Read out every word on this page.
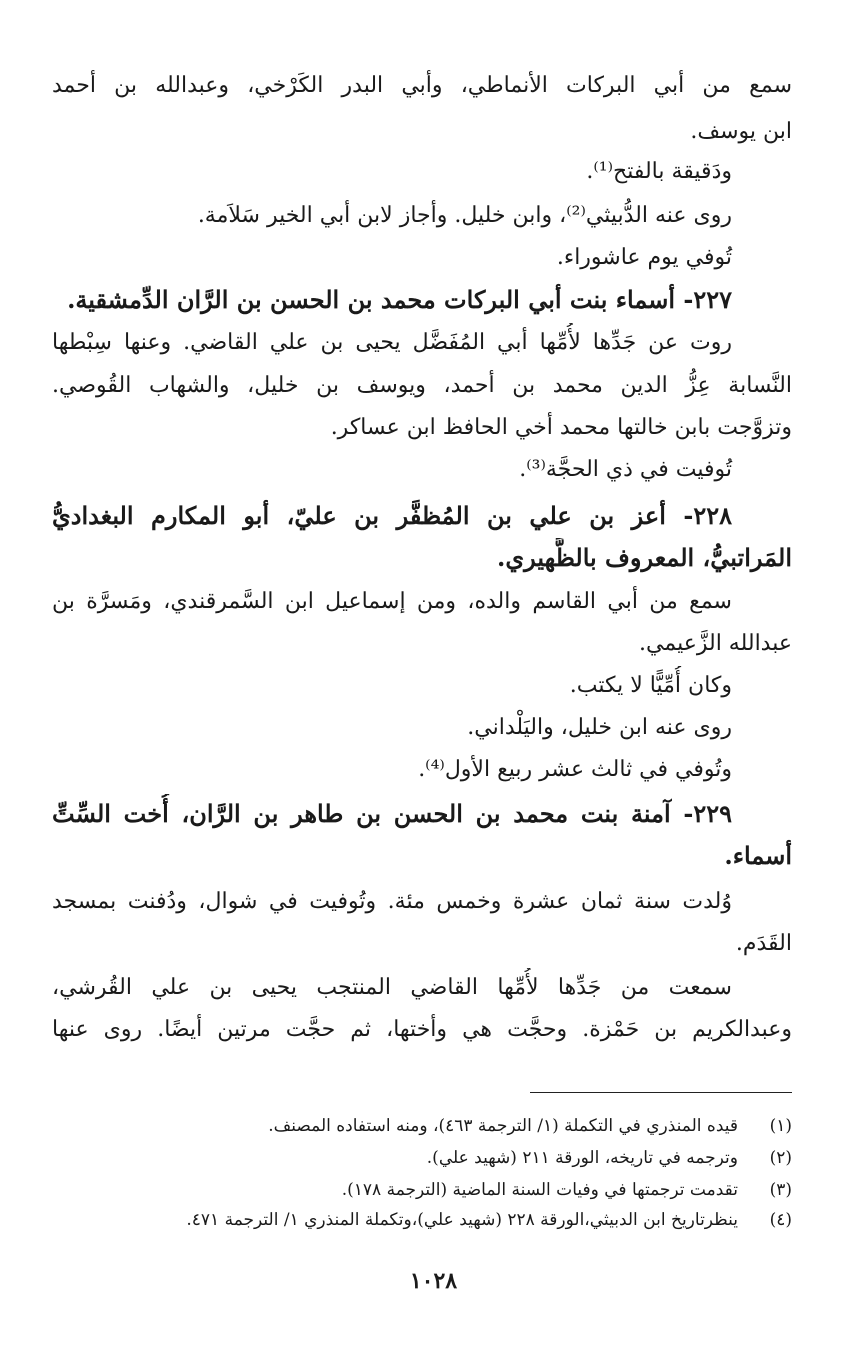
سمع من أبي البركات الأنماطي، وأبي البدر الكَرْخي، وعبدالله بن أحمد
ابن يوسف.
ودَقيقة بالفتح⁽¹⁾.
روى عنه الدُّبيثي⁽²⁾، وابن خليل. وأجاز لابن أبي الخير سَلاَمة.
تُوفي يوم عاشوراء.
٢٢٧- أسماء بنت أبي البركات محمد بن الحسن بن الرَّان الدِّمشقية.
روت عن جَدِّها لأُمِّها أبي المُفَضَّل يحيى بن علي القاضي. وعنها سِبْطها
النَّسابة عِزُّ الدين محمد بن أحمد، ويوسف بن خليل، والشهاب القُوصي.
وتزوَّجت بابن خالتها محمد أخي الحافظ ابن عساكر.
تُوفيت في ذي الحجَّة⁽³⁾.
٢٢٨- أعز بن علي بن المُظفَّر بن عليّ، أبو المكارم البغداديُّ
المَراتبيُّ، المعروف بالظَّهيري.
سمع من أبي القاسم والده، ومن إسماعيل ابن السَّمرقندي، ومَسرَّة بن
عبدالله الزَّعيمي.
وكان أُمِّيًّا لا يكتب.
روى عنه ابن خليل، واليَلْداني.
وتُوفي في ثالث عشر ربيع الأول⁽⁴⁾.
٢٢٩- آمنة بنت محمد بن الحسن بن طاهر بن الرَّان، أُخت السِّتِّ
أسماء.
وُلدت سنة ثمان عشرة وخمس مئة. وتُوفيت في شوال، ودُفنت بمسجد
القَدَم.
سمعت من جَدِّها لأُمِّها القاضي المنتجب يحيى بن علي القُرشي،
وعبدالكريم بن حَمْزة. وحجَّت هي وأختها، ثم حجَّت مرتين أيضًا. روى عنها
(١)قيده المنذري في التكملة (١/ الترجمة ٤٦٣)، ومنه استفاده المصنف.
(٢)وترجمه في تاريخه، الورقة ٢١١ (شهيد علي).
(٣)تقدمت ترجمتها في وفيات السنة الماضية (الترجمة ١٧٨).
(٤)ينظرتاريخ ابن الدبيثي،الورقة ٢٢٨ (شهيد علي)،وتكملة المنذري ١/ الترجمة ٤٧١.
١٠٢٨
